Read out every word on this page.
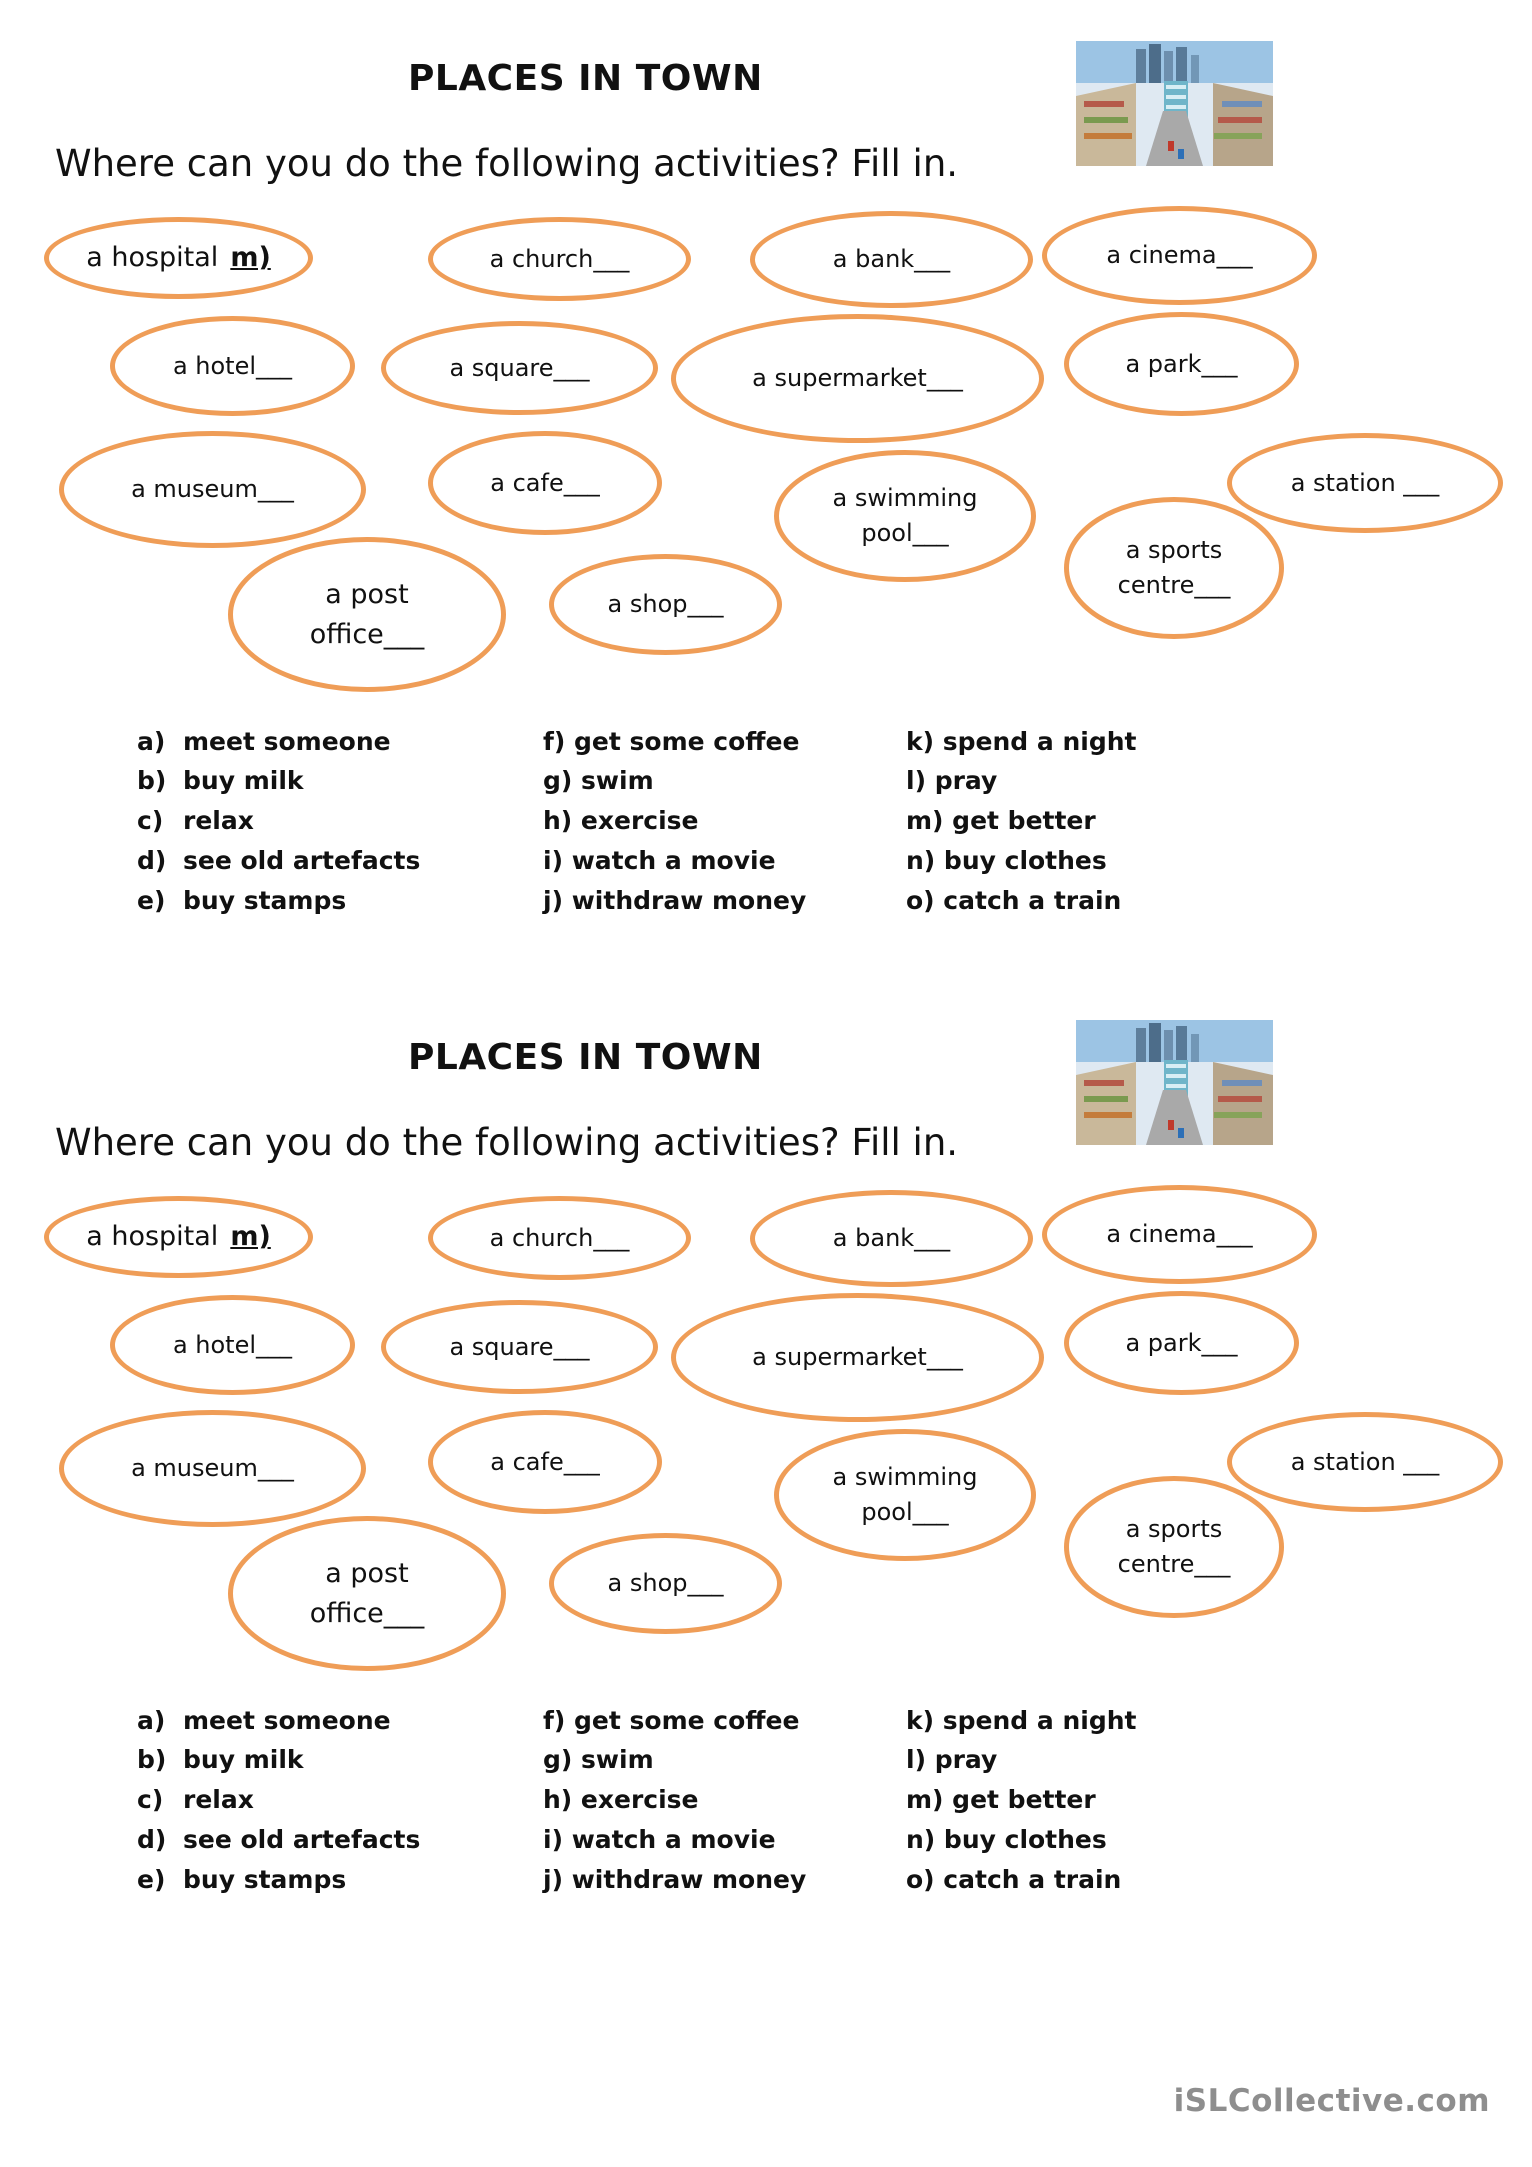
PLACES IN TOWN
Where can you do the following activities? Fill in.
a hospital m)	a church___	a bank___	a cinema___
a hotel___	a square___	a supermarket___
a park___
a museum___	a cafe___
a swimming
pool___
a station ___
a sports
centre___
a post
office___
a shop___
a) meet someone
b) buy milk
c) relax
d) see old artefacts
e) buy stamps
f) get some coffee
g) swim
h) exercise
i) watch a movie
j) withdraw money
k) spend a night
l) pray
m) get better
n) buy clothes
o) catch a train
PLACES IN TOWN
Where can you do the following activities? Fill in.
a hospital m)	a church___	a bank___	a cinema___
a hotel___	a square___	a supermarket___
a park___
a museum___	a cafe___
a swimming
pool___
a station ___
a sports
centre___
a post
office___
a shop___
a) meet someone
b) buy milk
c) relax
d) see old artefacts
e) buy stamps
f) get some coffee
g) swim
h) exercise
i) watch a movie
j) withdraw money
k) spend a night
l) pray
m) get better
n) buy clothes
o) catch a train
iSLCollective.com
